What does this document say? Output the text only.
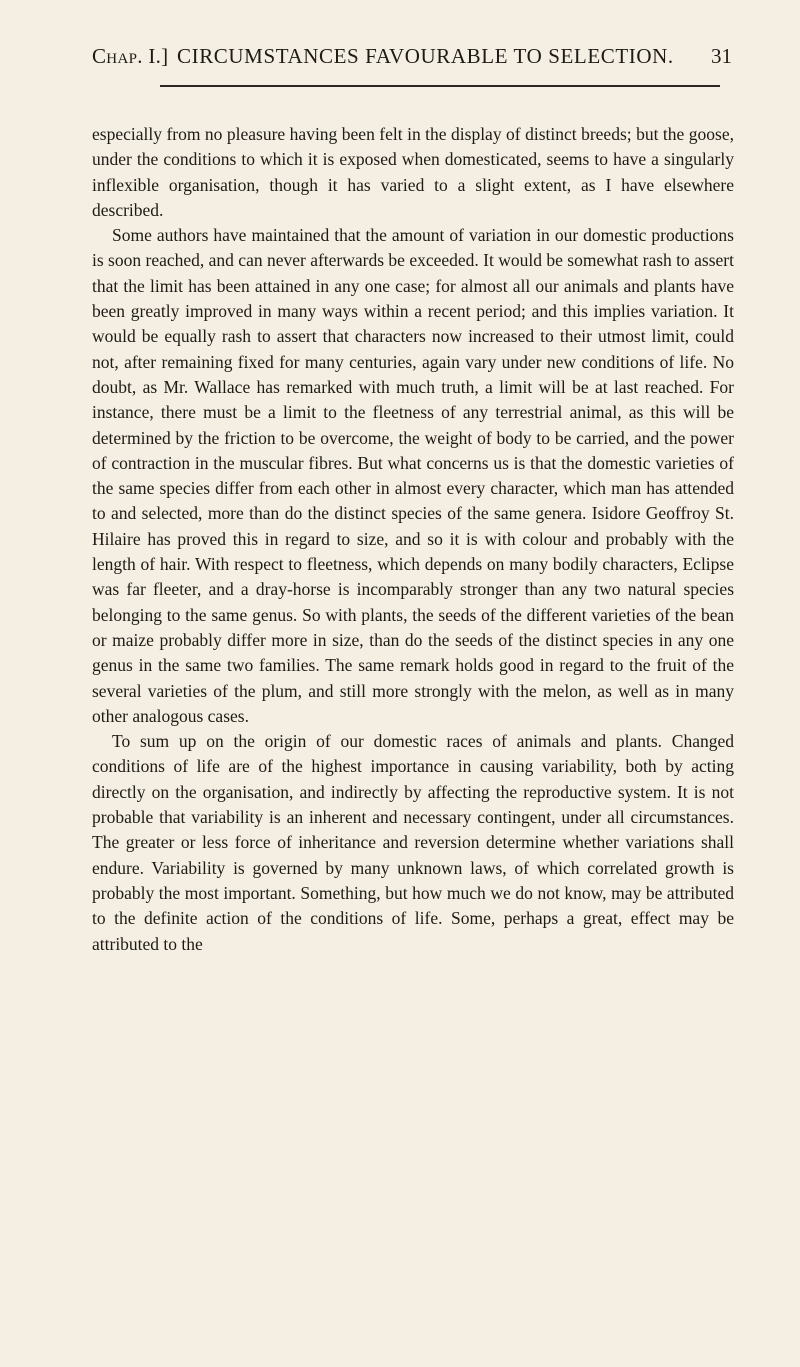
Chap. I.] CIRCUMSTANCES FAVOURABLE TO SELECTION. 31

especially from no pleasure having been felt in the display of distinct breeds; but the goose, under the conditions to which it is exposed when domesticated, seems to have a singularly inflexible organisation, though it has varied to a slight extent, as I have elsewhere described.

Some authors have maintained that the amount of variation in our domestic productions is soon reached, and can never afterwards be exceeded. It would be somewhat rash to assert that the limit has been attained in any one case; for almost all our animals and plants have been greatly improved in many ways within a recent period; and this implies variation. It would be equally rash to assert that characters now increased to their utmost limit, could not, after remaining fixed for many centuries, again vary under new conditions of life. No doubt, as Mr. Wallace has remarked with much truth, a limit will be at last reached. For instance, there must be a limit to the fleetness of any terrestrial animal, as this will be determined by the friction to be overcome, the weight of body to be carried, and the power of contraction in the muscular fibres. But what concerns us is that the domestic varieties of the same species differ from each other in almost every character, which man has attended to and selected, more than do the distinct species of the same genera. Isidore Geoffroy St. Hilaire has proved this in regard to size, and so it is with colour and probably with the length of hair. With respect to fleetness, which depends on many bodily characters, Eclipse was far fleeter, and a dray-horse is incomparably stronger than any two natural species belonging to the same genus. So with plants, the seeds of the different varieties of the bean or maize probably differ more in size, than do the seeds of the distinct species in any one genus in the same two families. The same remark holds good in regard to the fruit of the several varieties of the plum, and still more strongly with the melon, as well as in many other analogous cases.

To sum up on the origin of our domestic races of animals and plants. Changed conditions of life are of the highest importance in causing variability, both by acting directly on the organisation, and indirectly by affecting the reproductive system. It is not probable that variability is an inherent and necessary contingent, under all circumstances. The greater or less force of inheritance and reversion determine whether variations shall endure. Variability is governed by many unknown laws, of which correlated growth is probably the most important. Something, but how much we do not know, may be attributed to the definite action of the conditions of life. Some, perhaps a great, effect may be attributed to the
